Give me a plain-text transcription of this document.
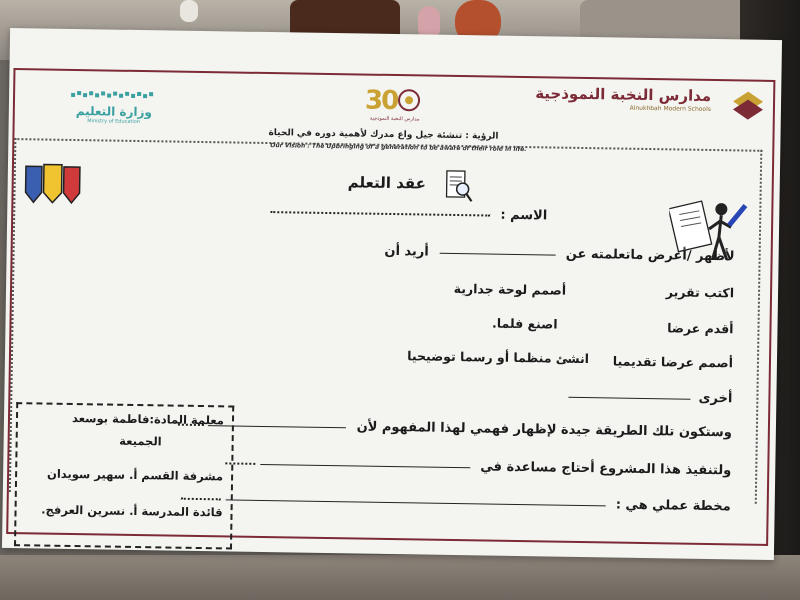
مدارس النخبة النموذجية
Alnukhbah Modern Schools
30
مدارس النخبة النموذجية
وزارة التعليم
Ministry of Education
الرؤية : تنشئة جيل واع مدرك لأهمية دوره في الحياة
Our Vision : The Upbringing of a generation to be aware of their role in life.
عقد التعلم
الاسم :
لأظهر /أعرض ماتعلمته عن  أريد أن
اكتب تقرير
أصمم لوحة جدارية
أقدم عرضا
اصنع فلما.
أصمم عرضا تقديميا
انشئ منظما أو رسما توضيحيا
أخرى
وستكون تلك الطريقة جيدة لإظهار فهمي لهذا المفهوم لأن
ولتنفيذ هذا المشروع أحتاج مساعدة في
مخطة عملي هي :
معلمة المادة:فاطمة بوسعد
الجميعة
مشرفة القسم أ. سهير سويدان
قائدة المدرسة أ. نسرين العرفج.
